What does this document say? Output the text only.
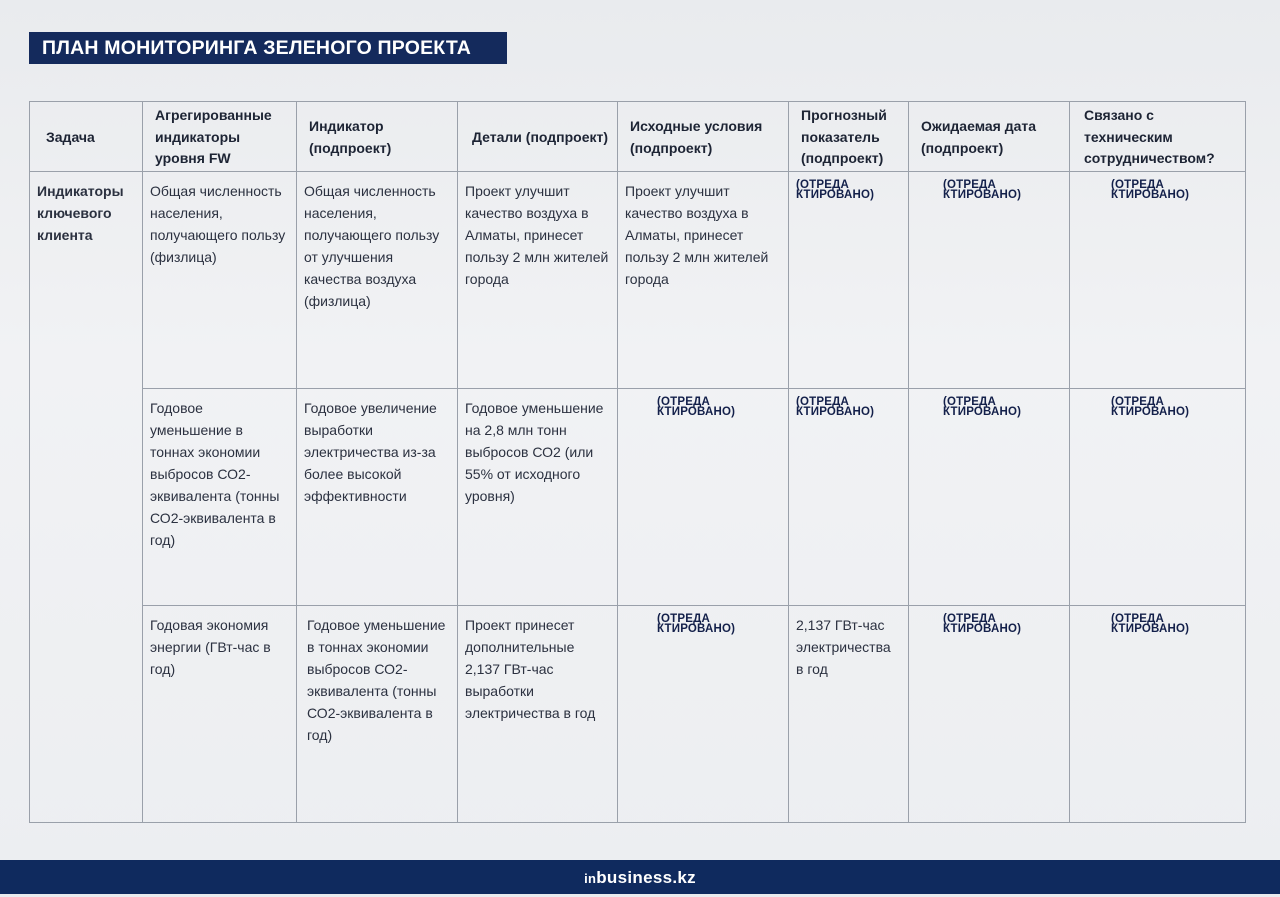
ПЛАН МОНИТОРИНГА ЗЕЛЕНОГО ПРОЕКТА
Задача	Агрегированные индикаторы уровня FW	Индикатор (подпроект)	Детали (подпроект)	Исходные условия (подпроект)	Прогнозный показатель (подпроект)	Ожидаемая дата (подпроект)	Связано с техническим сотрудничеством?
Индикаторы ключевого клиента	Общая численность населения, получающего пользу (физлица)	Общая численность населения, получающего пользу от улучшения качества воздуха (физлица)	Проект улучшит качество воздуха в Алматы, принесет пользу 2 млн жителей города	Проект улучшит качество воздуха в Алматы, принесет пользу 2 млн жителей города	(ОТРЕДА
КТИРОВАНО)	(ОТРЕДА
КТИРОВАНО)	(ОТРЕДА
КТИРОВАНО)
	Годовое уменьшение в тоннах экономии выбросов СО2-эквивалента (тонны СО2-эквивалента в год)	Годовое увеличение выработки электричества из-за более высокой эффективности	Годовое уменьшение на 2,8 млн тонн выбросов СО2 (или 55% от исходного уровня)	(ОТРЕДА
КТИРОВАНО)	(ОТРЕДА
КТИРОВАНО)	(ОТРЕДА
КТИРОВАНО)	(ОТРЕДА
КТИРОВАНО)
	Годовая экономия энергии (ГВт-час в год)	Годовое уменьшение в тоннах экономии выбросов СО2-эквивалента (тонны СО2-эквивалента в год)	Проект принесет дополнительные 2,137 ГВт-час выработки электричества в год	(ОТРЕДА
КТИРОВАНО)	2,137 ГВт-час электричества в год	(ОТРЕДА
КТИРОВАНО)	(ОТРЕДА
КТИРОВАНО)
inbusiness.kz
